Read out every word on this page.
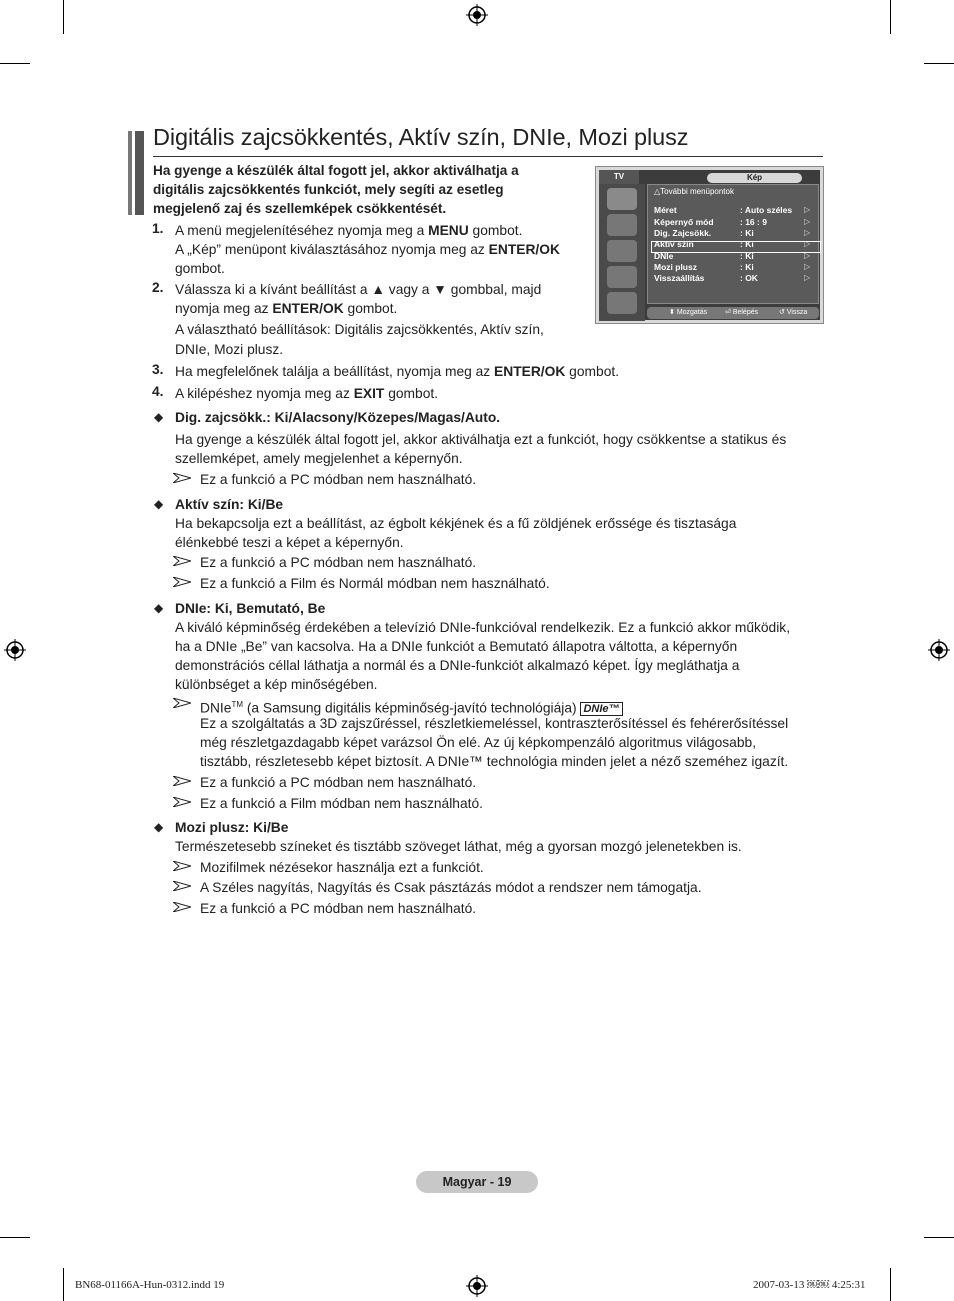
Digitális zajcsökkentés, Aktív szín, DNIe, Mozi plusz
Ha gyenge a készülék által fogott jel, akkor aktiválhatja a digitális zajcsökkentés funkciót, mely segíti az esetleg megjelenő zaj és szellemképek csökkentését.
TV	Kép
△További menüpontok
Méret	: Auto széles ▷
Képernyő mód	: 16 : 9	▷
Dig. Zajcsökk.	: Ki	▷
Aktív szín	: Ki	▷
DNIe	: Ki	▷
Mozi plusz	: Ki	▷
Visszaállítás	: OK	▷
⬍ Mozgatás	⏎ Belépés	↺ Vissza
1. A menü megjelenítéséhez nyomja meg a MENU gombot.
A „Kép” menüpont kiválasztásához nyomja meg az ENTER/OK
gombot.
2. Válassza ki a kívánt beállítást a ▲ vagy a ▼ gombbal, majd
nyomja meg az ENTER/OK gombot.
A választható beállítások: Digitális zajcsökkentés, Aktív szín,
DNIe, Mozi plusz.
3. Ha megfelelőnek találja a beállítást, nyomja meg az ENTER/OK gombot.
4. A kilépéshez nyomja meg az EXIT gombot.
◆ Dig. zajcsökk.: Ki/Alacsony/Közepes/Magas/Auto.
Ha gyenge a készülék által fogott jel, akkor aktiválhatja ezt a funkciót, hogy csökkentse a statikus és
szellemképet, amely megjelenhet a képernyőn.
Ez a funkció a PC módban nem használható.
◆ Aktív szín: Ki/Be
Ha bekapcsolja ezt a beállítást, az égbolt kékjének és a fű zöldjének erőssége és tisztasága
élénkebbé teszi a képet a képernyőn.
Ez a funkció a PC módban nem használható.
Ez a funkció a Film és Normál módban nem használható.
◆ DNIe: Ki, Bemutató, Be
A kiváló képminőség érdekében a televízió DNIe-funkcióval rendelkezik. Ez a funkció akkor működik,
ha a DNIe „Be” van kacsolva. Ha a DNIe funkciót a Bemutató állapotra váltotta, a képernyőn
demonstrációs céllal láthatja a normál és a DNIe-funkciót alkalmazó képet. Így megláthatja a
különbséget a kép minőségében.
DNIe™ (a Samsung digitális képminőség-javító technológiája) DNIe™
Ez a szolgáltatás a 3D zajszűréssel, részletkiemeléssel, kontraszterősítéssel és fehérerősítéssel
még részletgazdagabb képet varázsol Ön elé. Az új képkompenzáló algoritmus világosabb,
tisztább, részletesebb képet biztosít. A DNIe™ technológia minden jelet a néző szeméhez igazít.
Ez a funkció a PC módban nem használható.
Ez a funkció a Film módban nem használható.
◆ Mozi plusz: Ki/Be
Természetesebb színeket és tisztább szöveget láthat, még a gyorsan mozgó jelenetekben is.
Mozifilmek nézésekor használja ezt a funkciót.
A Széles nagyítás, Nagyítás és Csak pásztázás módot a rendszer nem támogatja.
Ez a funkció a PC módban nem használható.
Magyar - 19
BN68-01166A-Hun-0312.indd 19	2007-03-13 ￼￼ 4:25:31
